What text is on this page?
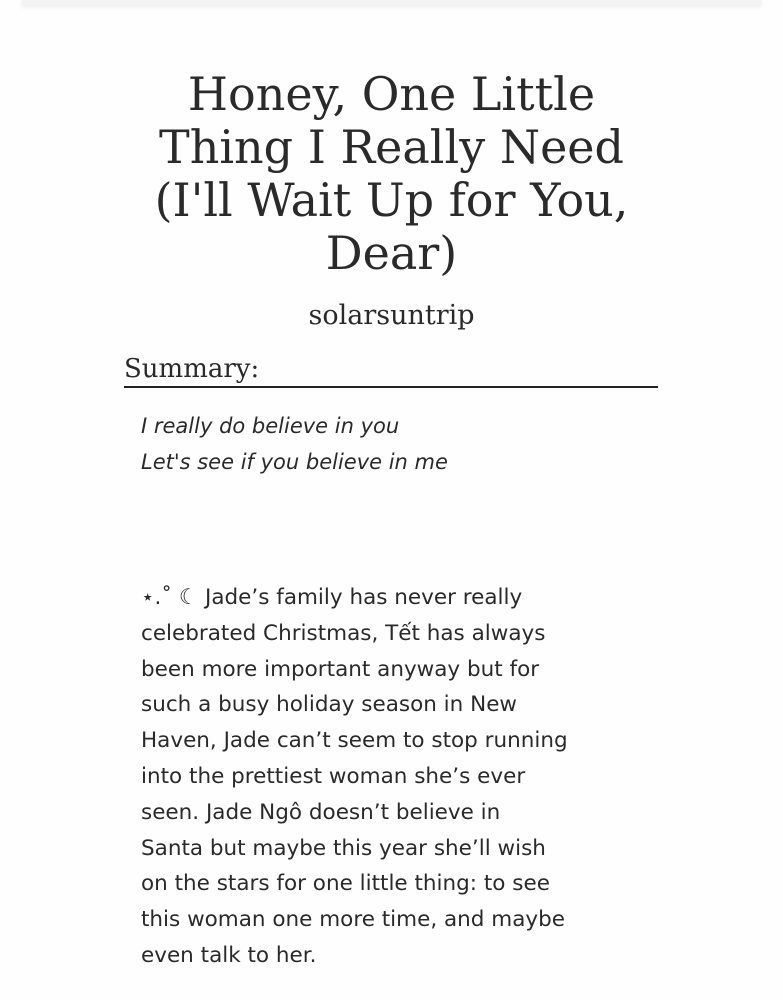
Honey, One Little
Thing I Really Need
(I'll Wait Up for You,
Dear)
solarsuntrip
Summary:
I really do believe in you
Let's see if you believe in me
⋆.˚ ☾ Jade’s family has never really
celebrated Christmas, Tết has always
been more important anyway but for
such a busy holiday season in New
Haven, Jade can’t seem to stop running
into the prettiest woman she’s ever
seen. Jade Ngô doesn’t believe in
Santa but maybe this year she’ll wish
on the stars for one little thing: to see
this woman one more time, and maybe
even talk to her.
